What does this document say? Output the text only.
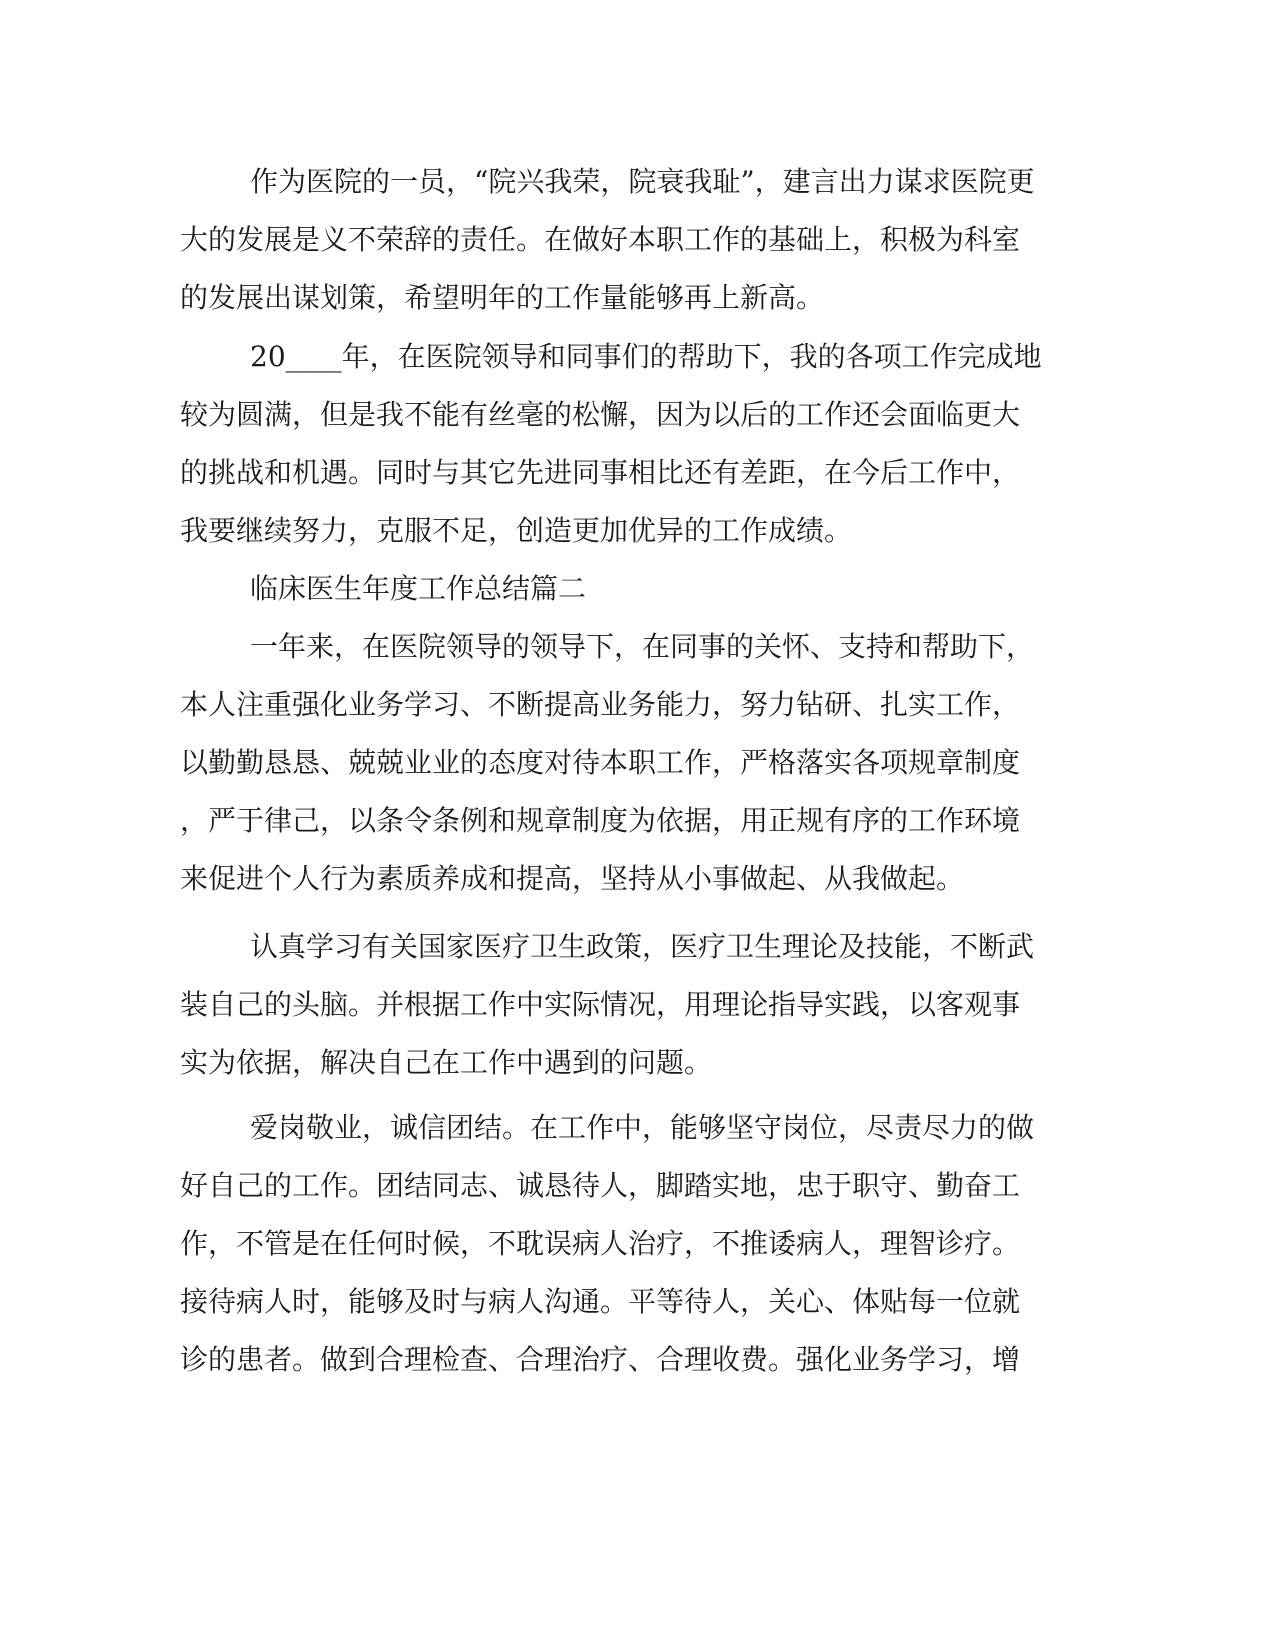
作为医院的一员，“院兴我荣，院衰我耻”，建言出力谋求医院更
大的发展是义不荣辞的责任。在做好本职工作的基础上，积极为科室
的发展出谋划策，希望明年的工作量能够再上新高。
20____年，在医院领导和同事们的帮助下，我的各项工作完成地
较为圆满，但是我不能有丝毫的松懈，因为以后的工作还会面临更大
的挑战和机遇。同时与其它先进同事相比还有差距，在今后工作中，
我要继续努力，克服不足，创造更加优异的工作成绩。
临床医生年度工作总结篇二
一年来，在医院领导的领导下，在同事的关怀、支持和帮助下，
本人注重强化业务学习、不断提高业务能力，努力钻研、扎实工作，
以勤勤恳恳、兢兢业业的态度对待本职工作，严格落实各项规章制度
，严于律己，以条令条例和规章制度为依据，用正规有序的工作环境
来促进个人行为素质养成和提高，坚持从小事做起、从我做起。
认真学习有关国家医疗卫生政策，医疗卫生理论及技能，不断武
装自己的头脑。并根据工作中实际情况，用理论指导实践，以客观事
实为依据，解决自己在工作中遇到的问题。
爱岗敬业，诚信团结。在工作中，能够坚守岗位，尽责尽力的做
好自己的工作。团结同志、诚恳待人，脚踏实地，忠于职守、勤奋工
作，不管是在任何时候，不耽误病人治疗，不推诿病人，理智诊疗。
接待病人时，能够及时与病人沟通。平等待人，关心、体贴每一位就
诊的患者。做到合理检查、合理治疗、合理收费。强化业务学习，增
